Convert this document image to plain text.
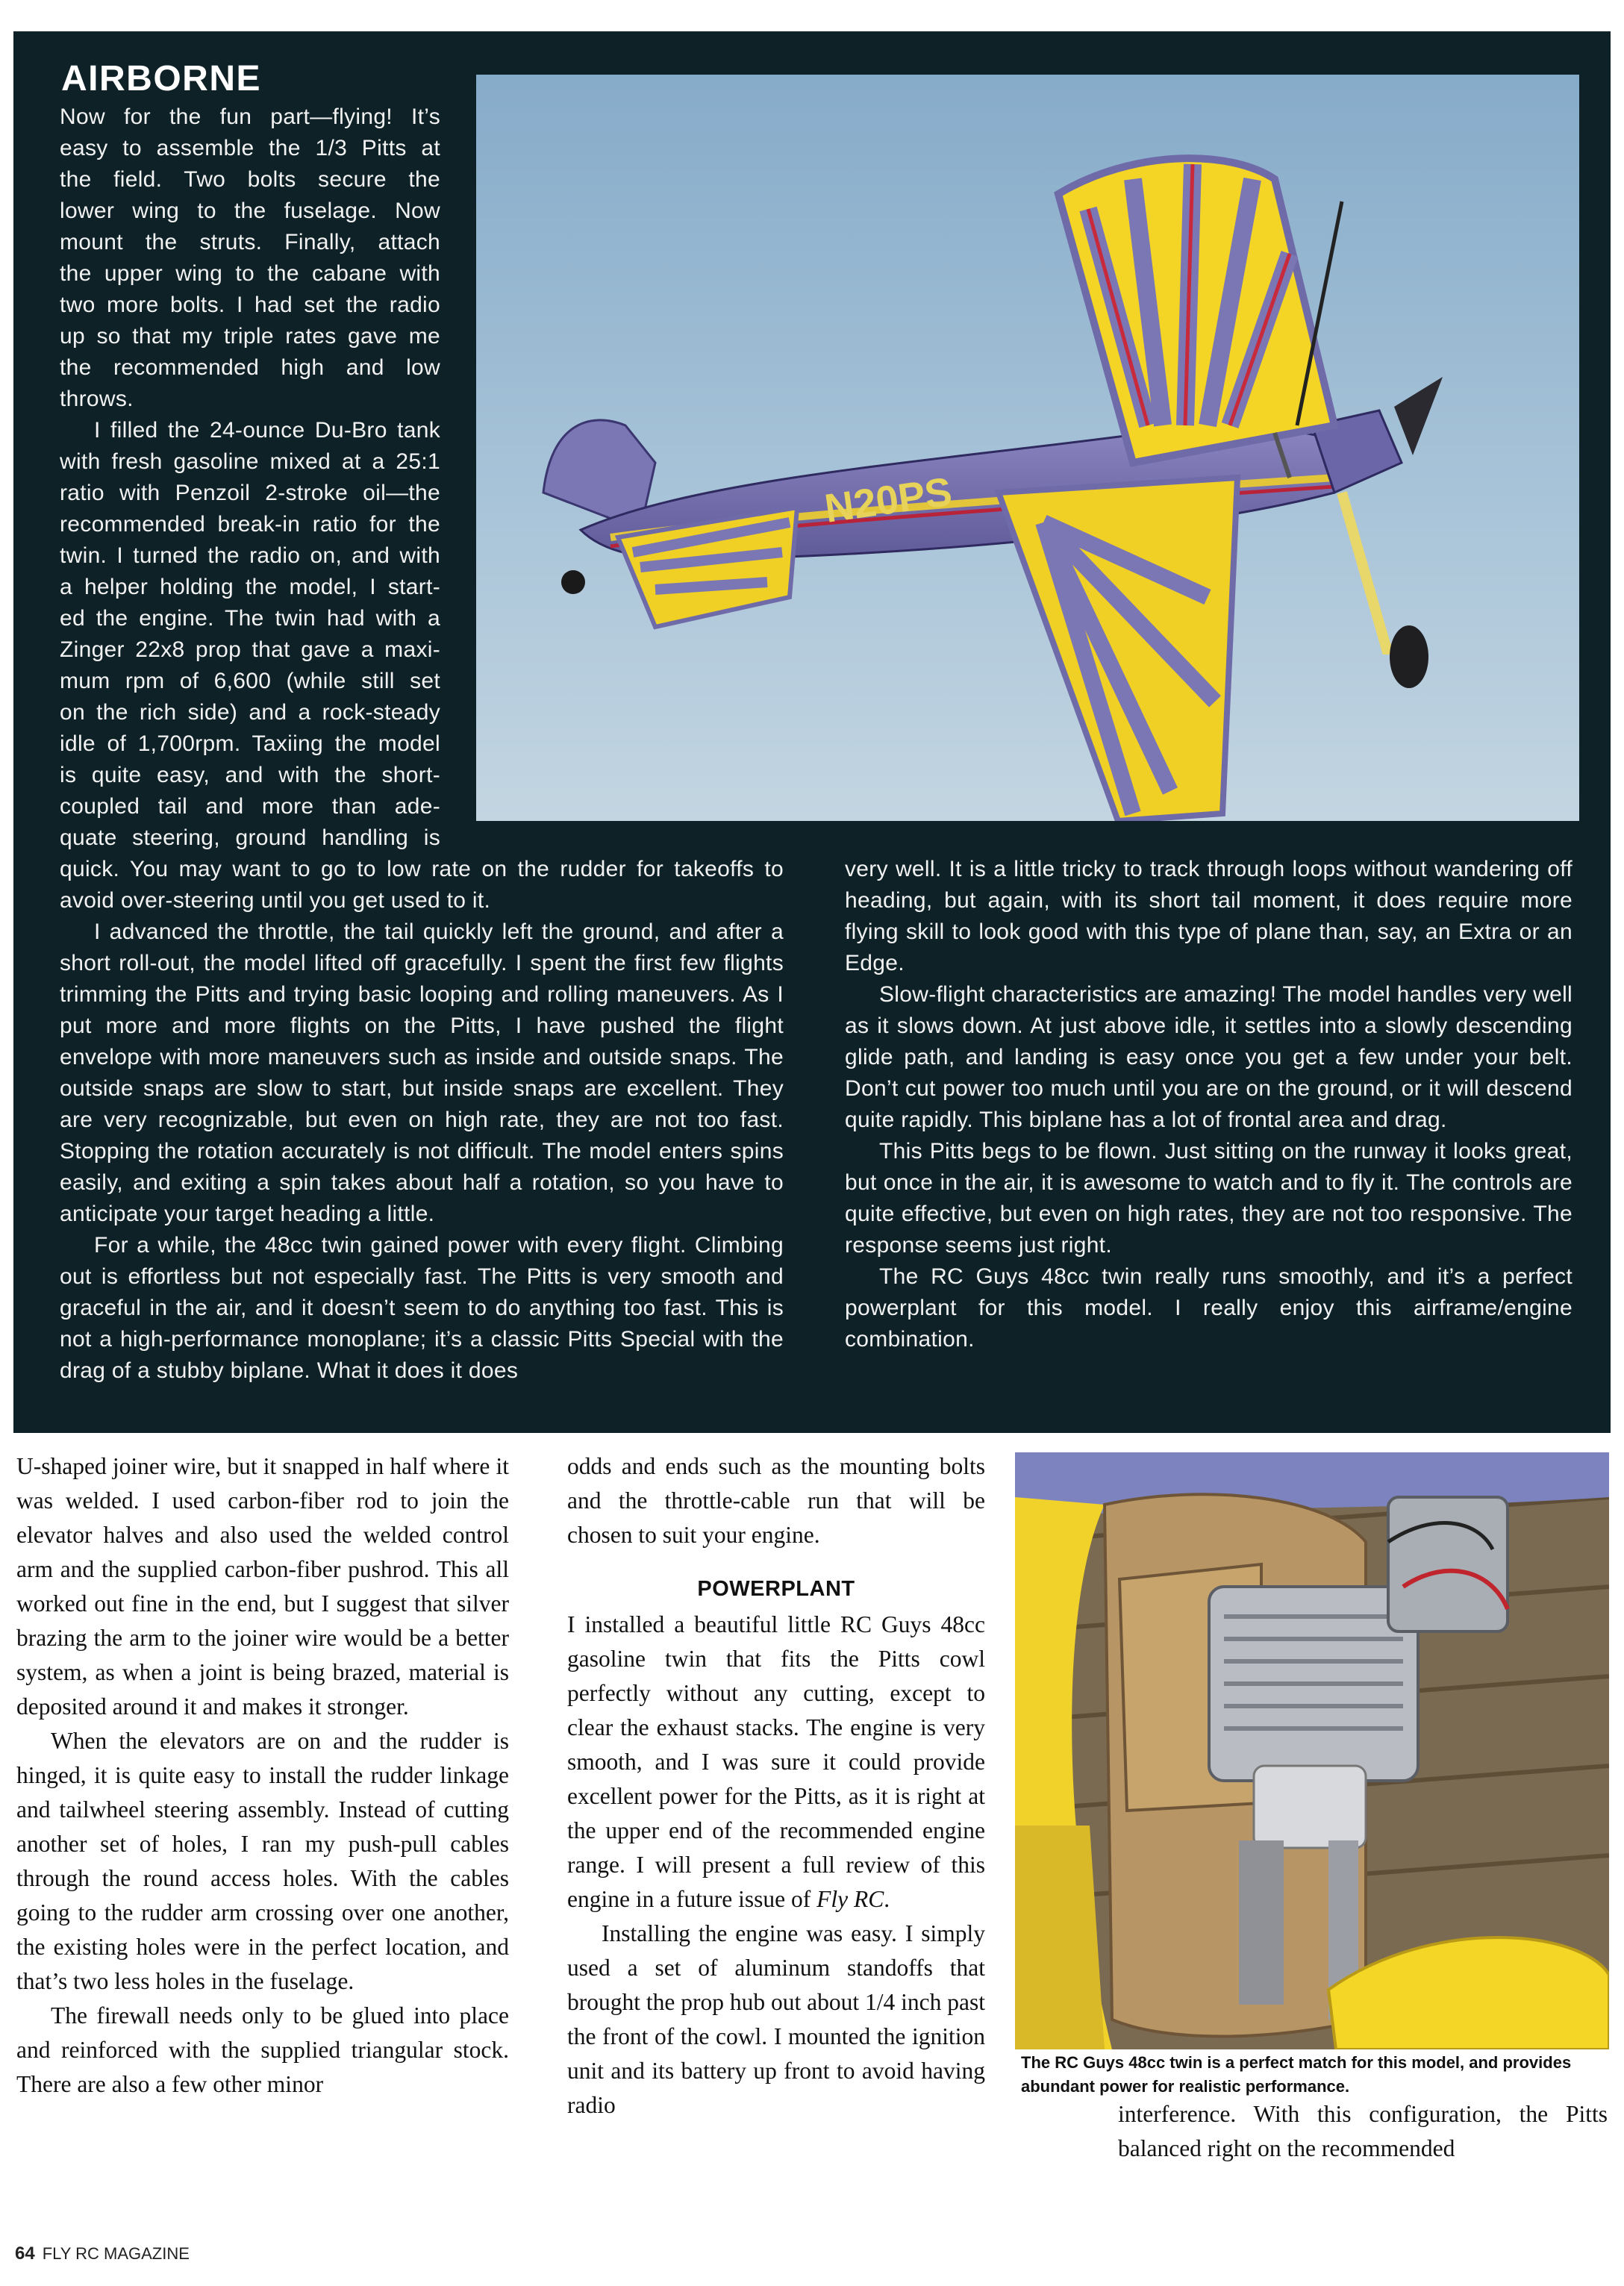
AIRBORNE
Now for the fun part—flying! It’s
easy to assemble the 1/3 Pitts at
the field. Two bolts secure the
lower wing to the fuselage. Now
mount the struts. Finally, attach
the upper wing to the cabane with
two more bolts. I had set the radio
up so that my triple rates gave me
the recommended high and low
throws.
I filled the 24-ounce Du-Bro tank
with fresh gasoline mixed at a 25:1
ratio with Penzoil 2-stroke oil—the
recommended break-in ratio for the
twin. I turned the radio on, and with
a helper holding the model, I start-
ed the engine. The twin had with a
Zinger 22x8 prop that gave a maxi-
mum rpm of 6,600 (while still set
on the rich side) and a rock-steady
idle of 1,700rpm. Taxiing the model
is quite easy, and with the short-
coupled tail and more than ade-
quate steering, ground handling is
N20PS

quick. You may want to go to low rate on the rudder for takeoffs to avoid over-steering until you get used to it.

I advanced the throttle, the tail quickly left the ground, and after a short roll-out, the model lifted off gracefully. I spent the first few flights trimming the Pitts and trying basic looping and rolling maneuvers. As I put more and more flights on the Pitts, I have pushed the flight envelope with more maneuvers such as inside and outside snaps. The outside snaps are slow to start, but inside snaps are excellent. They are very recognizable, but even on high rate, they are not too fast. Stopping the rotation accurately is not difficult. The model enters spins easily, and exiting a spin takes about half a rotation, so you have to anticipate your target heading a little.

For a while, the 48cc twin gained power with every flight. Climbing out is effortless but not especially fast. The Pitts is very smooth and graceful in the air, and it doesn’t seem to do anything too fast. This is not a high-performance monoplane; it’s a classic Pitts Special with the drag of a stubby biplane. What it does it does

very well. It is a little tricky to track through loops without wandering off heading, but again, with its short tail moment, it does require more flying skill to look good with this type of plane than, say, an Extra or an Edge.

Slow-flight characteristics are amazing! The model handles very well as it slows down. At just above idle, it settles into a slowly descending glide path, and landing is easy once you get a few under your belt. Don’t cut power too much until you are on the ground, or it will descend quite rapidly. This biplane has a lot of frontal area and drag.

This Pitts begs to be flown. Just sitting on the runway it looks great, but once in the air, it is awesome to watch and to fly it. The controls are quite effective, but even on high rates, they are not too responsive. The response seems just right.

The RC Guys 48cc twin really runs smoothly, and it’s a perfect powerplant for this model. I really enjoy this airframe/engine combination.

U-shaped joiner wire, but it snapped in half where it was welded. I used carbon-fiber rod to join the elevator halves and also used the welded control arm and the supplied carbon-fiber pushrod. This all worked out fine in the end, but I suggest that silver brazing the arm to the joiner wire would be a better system, as when a joint is being brazed, material is deposited around it and makes it stronger.

When the elevators are on and the rudder is hinged, it is quite easy to install the rudder linkage and tailwheel steering assembly. Instead of cutting another set of holes, I ran my push-pull cables through the round access holes. With the cables going to the rudder arm crossing over one another, the existing holes were in the perfect location, and that’s two less holes in the fuselage.

The firewall needs only to be glued into place and reinforced with the supplied triangular stock. There are also a few other minor

odds and ends such as the mounting bolts and the throttle-cable run that will be chosen to suit your engine.

POWERPLANT

I installed a beautiful little RC Guys 48cc gasoline twin that fits the Pitts cowl perfectly without any cutting, except to clear the exhaust stacks. The engine is very smooth, and I was sure it could provide excellent power for the Pitts, as it is right at the upper end of the recommended engine range. I will present a full review of this engine in a future issue of Fly RC.

Installing the engine was easy. I simply used a set of aluminum standoffs that brought the prop hub out about 1/4 inch past the front of the cowl. I mounted the ignition unit and its battery up front to avoid having radio

The RC Guys 48cc twin is a perfect match for this model, and provides abundant power for realistic performance.

interference. With this configuration, the Pitts balanced right on the recommended

64 FLY RC MAGAZINE
